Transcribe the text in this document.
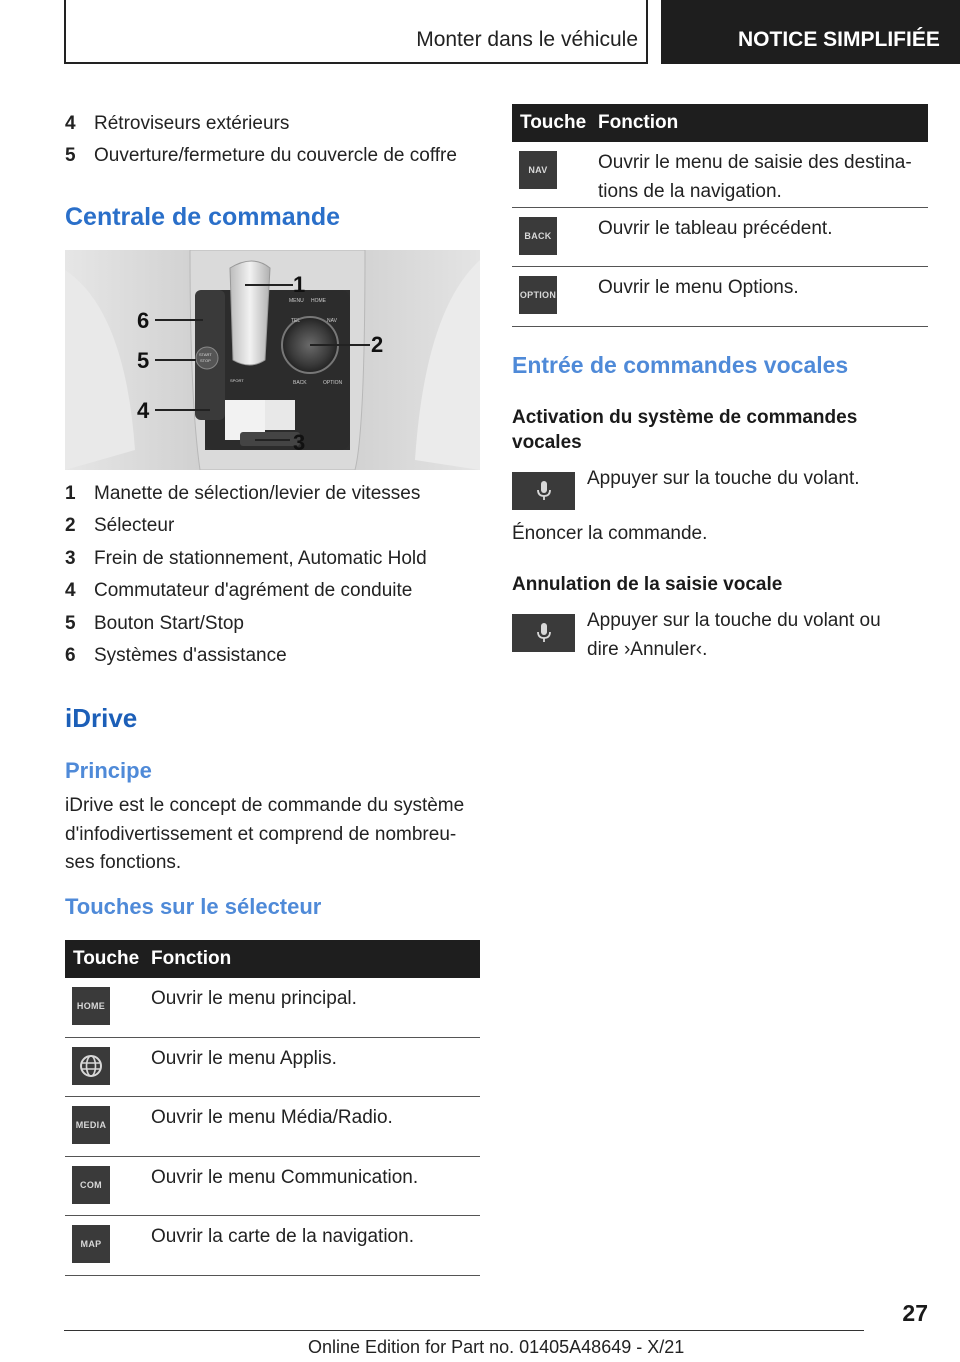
Monter dans le véhicule	NOTICE SIMPLIFIÉE
4 Rétroviseurs extérieurs
5 Ouverture/fermeture du couvercle de coffre
Centrale de commande
MENU HOME
TEL	NAV
BACK	OPTION
START
STOP
SPORT
1
2
3
4
5
6
1 Manette de sélection/levier de vitesses
2 Sélecteur
3 Frein de stationnement, Automatic Hold
4 Commutateur d'agrément de conduite
5 Bouton Start/Stop
6 Systèmes d'assistance
iDrive
Principe

iDrive est le concept de commande du système d'infodivertissement et comprend de nombreu-ses fonctions.

Touches sur le sélecteur
Touche Fonction
HOME Ouvrir le menu principal.
Ouvrir le menu Applis.
MEDIA Ouvrir le menu Média/Radio.
COM	Ouvrir le menu Communication.
MAP	Ouvrir la carte de la navigation.
Touche Fonction
NAV	Ouvrir le menu de saisie des destina-tions de la navigation.
BACK Ouvrir le tableau précédent.
OPTION Ouvrir le menu Options.
Entrée de commandes vocales

Activation du système de commandes vocales

Appuyer sur la touche du volant.

Énoncer la commande.

Annulation de la saisie vocale

Appuyer sur la touche du volant ou dire ›Annuler‹.

27
Online Edition for Part no. 01405A48649 - X/21
